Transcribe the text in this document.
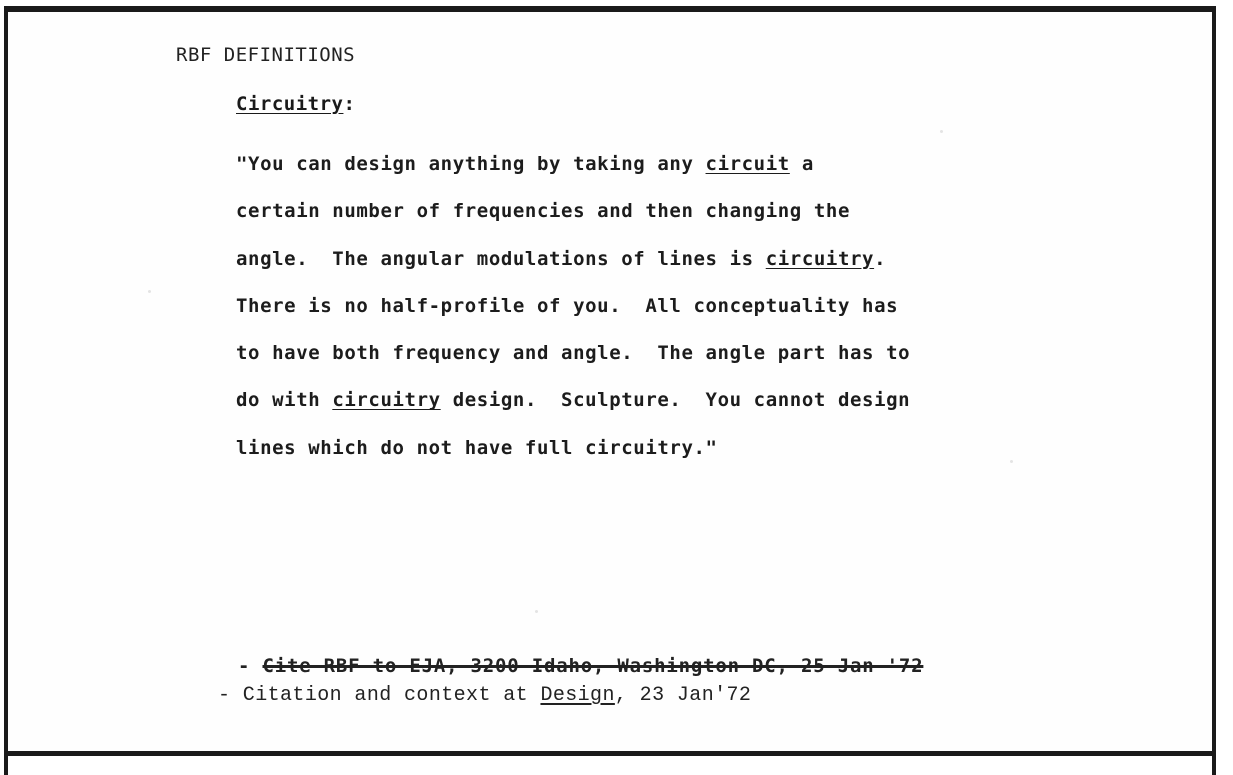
RBF DEFINITIONS
Circuitry:
"You can design anything by taking any circuit a
certain number of frequencies and then changing the
angle.  The angular modulations of lines is circuitry.
There is no half-profile of you.  All conceptuality has
to have both frequency and angle.  The angle part has to
do with circuitry design.  Sculpture.  You cannot design
lines which do not have full circuitry."
- Cite RBF to EJA, 3200 Idaho, Washington DC, 25 Jan '72
- Citation and context at Design, 23 Jan'72
